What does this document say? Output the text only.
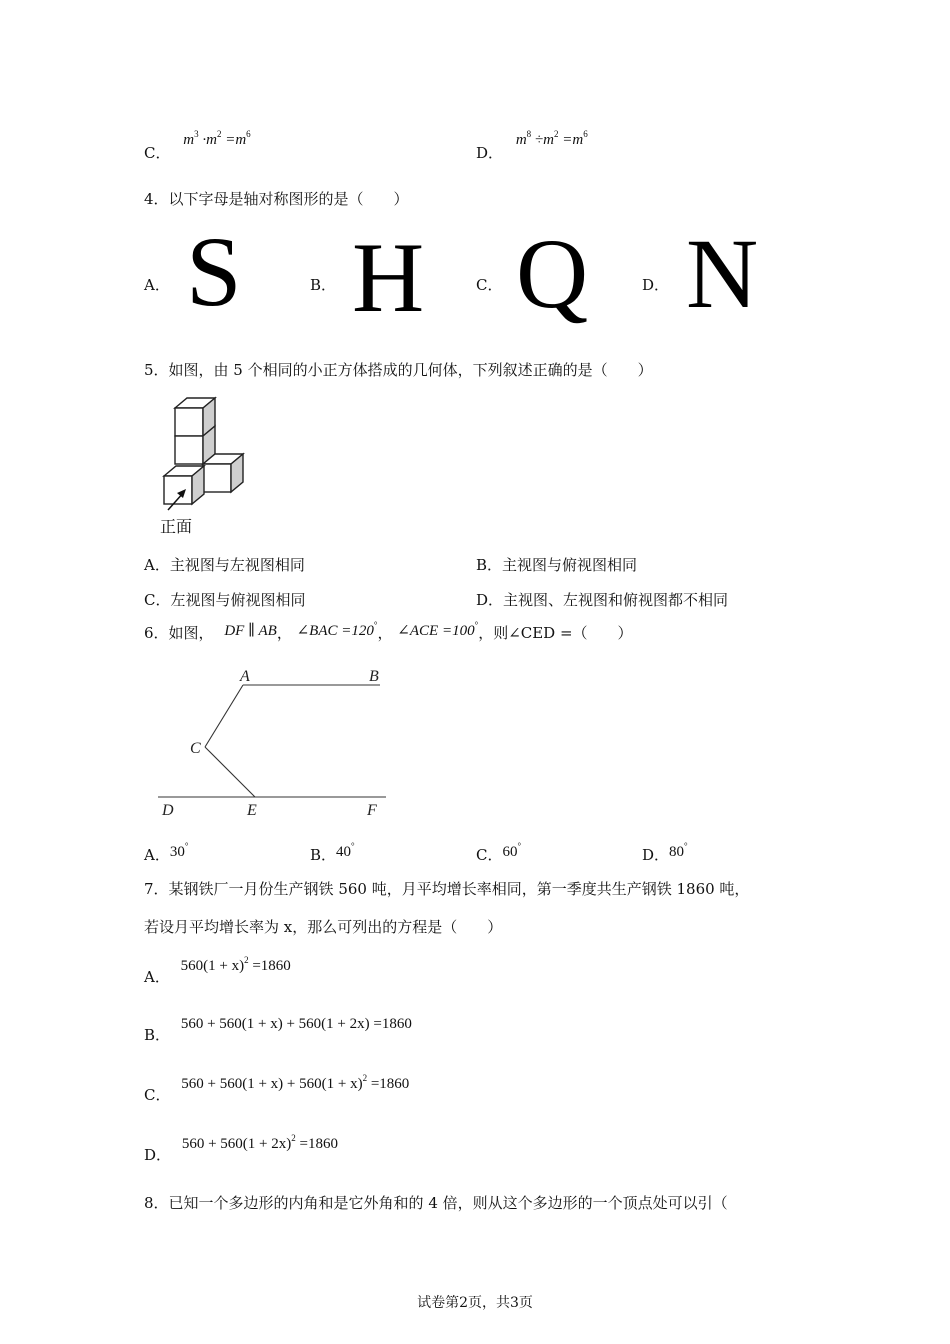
C． $m^3 \cdot m^2 =m^6$
D． $m^8 \div m^2 =m^6$
4．以下字母是轴对称图形的是（　　）
A． S	B． H	C． Q	D． N
5．如图，由 5 个相同的小正方体搭成的几何体，下列叙述正确的是（　　）
正面
A．主视图与左视图相同	B．主视图与俯视图相同
C．左视图与俯视图相同	D．主视图、左视图和俯视图都不相同
6．如图， DF ∥ AB， ∠BAC =120°， ∠ACE =100°，则∠CED =（　　）
A	B
C
D	E	F
A．30°	B．40°	C．60°	D．80°
7．某钢铁厂一月份生产钢铁 560 吨，月平均增长率相同，第一季度共生产钢铁 1860 吨，
若设月平均增长率为 x，那么可列出的方程是（　　）
A． $560(1 + x)^2 =1860$
B． 560 + 560(1 + x) + 560(1 + 2x) =1860
C． $560 + 560(1 + x) + 560(1 + x)^2 =1860$
D． $560 + 560(1 + 2x)^2 =1860$
8．已知一个多边形的内角和是它外角和的 4 倍，则从这个多边形的一个顶点处可以引（
试卷第2页，共3页
